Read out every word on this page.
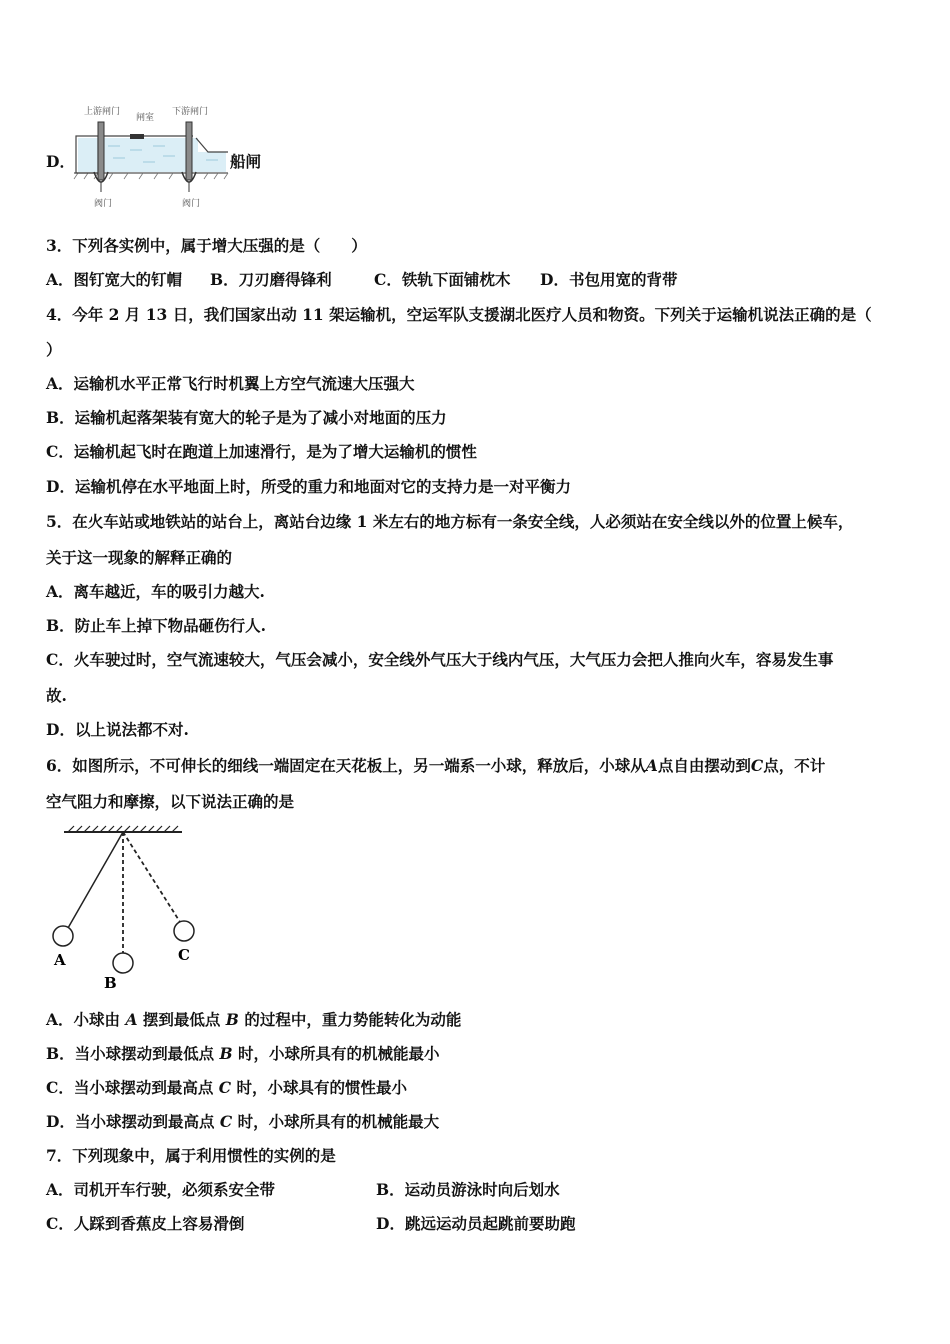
D．
上游闸门
闸室
下游闸门
阀门	阀门
船闸
3．下列各实例中，属于增大压强的是（　　）
A．图钉宽大的钉帽 B．刀刃磨得锋利	C．铁轨下面铺枕木 D．书包用宽的背带
4．今年 2 月 13 日，我们国家出动 11 架运输机，空运军队支援湖北医疗人员和物资。下列关于运输机说法正确的是（
）
A．运输机水平正常飞行时机翼上方空气流速大压强大
B．运输机起落架装有宽大的轮子是为了减小对地面的压力
C．运输机起飞时在跑道上加速滑行，是为了增大运输机的惯性
D．运输机停在水平地面上时，所受的重力和地面对它的支持力是一对平衡力
5．在火车站或地铁站的站台上，离站台边缘 1 米左右的地方标有一条安全线，人必须站在安全线以外的位置上候车，
关于这一现象的解释正确的
A．离车越近，车的吸引力越大.
B．防止车上掉下物品砸伤行人.
C．火车驶过时，空气流速较大，气压会减小，安全线外气压大于线内气压，大气压力会把人推向火车，容易发生事
故.
D．以上说法都不对.
6．如图所示，不可伸长的细线一端固定在天花板上，另一端系一小球，释放后，小球从A点自由摆动到C点，不计
空气阻力和摩擦，以下说法正确的是
A
B
C
A．小球由 A 摆到最低点 B 的过程中，重力势能转化为动能
B．当小球摆动到最低点 B 时，小球所具有的机械能最小
C．当小球摆动到最高点 C 时，小球具有的惯性最小
D．当小球摆动到最高点 C 时，小球所具有的机械能最大
7．下列现象中，属于利用惯性的实例的是
A．司机开车行驶，必须系安全带	B．运动员游泳时向后划水
C．人踩到香蕉皮上容易滑倒	D．跳远运动员起跳前要助跑
